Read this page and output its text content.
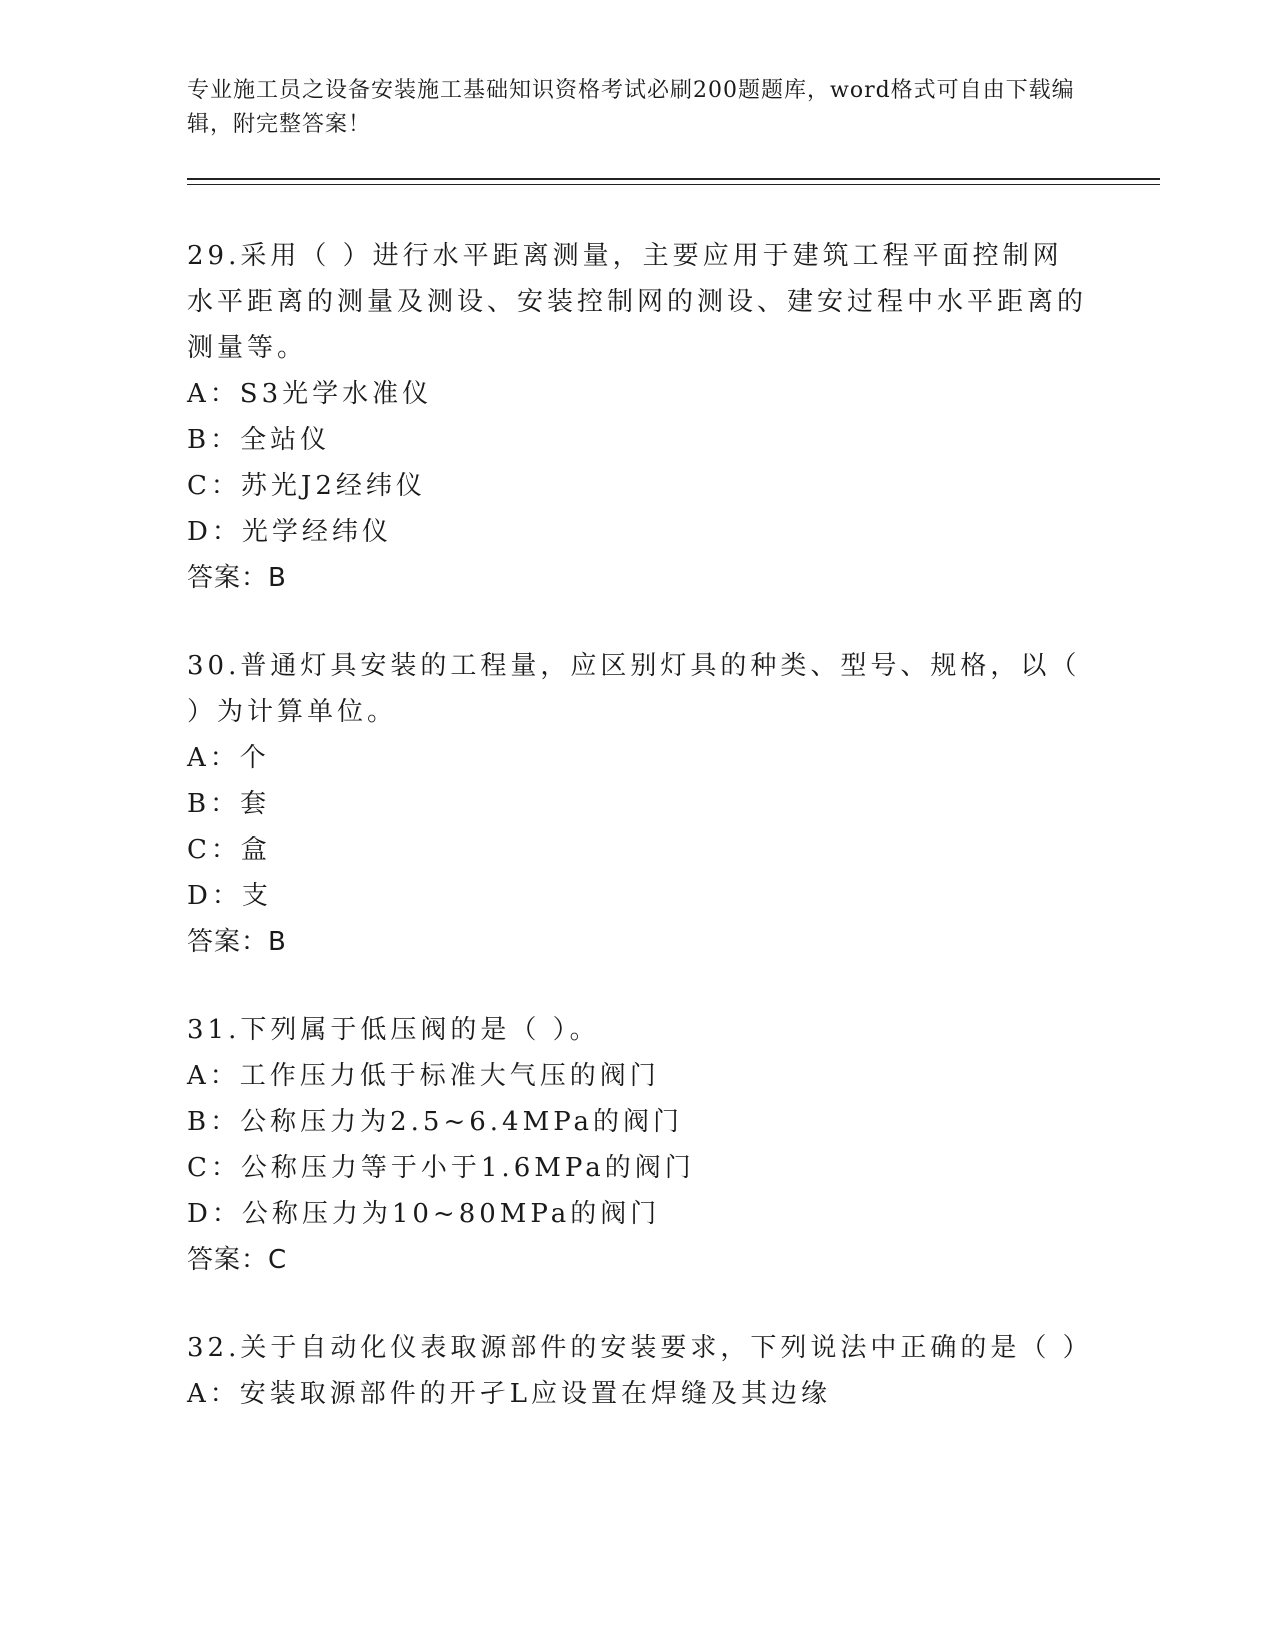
专业施工员之设备安装施工基础知识资格考试必刷200题题库，word格式可自由下载编辑，附完整答案！

29.采用（ ）进行水平距离测量，主要应用于建筑工程平面控制网水平距离的测量及测设、安装控制网的测设、建安过程中水平距离的测量等。

A：S3光学水准仪

B：全站仪

C：苏光J2经纬仪

D：光学经纬仪

答案：B

30.普通灯具安装的工程量，应区别灯具的种类、型号、规格，以（ ）为计算单位。

A：个

B：套

C：盒

D：支

答案：B

31.下列属于低压阀的是（ ）。

A：工作压力低于标准大气压的阀门

B：公称压力为2.5~6.4MPa的阀门

C：公称压力等于小于1.6MPa的阀门

D：公称压力为10~80MPa的阀门

答案：C

32.关于自动化仪表取源部件的安装要求，下列说法中正确的是（ ）

A：安装取源部件的开孑L应设置在焊缝及其边缘
